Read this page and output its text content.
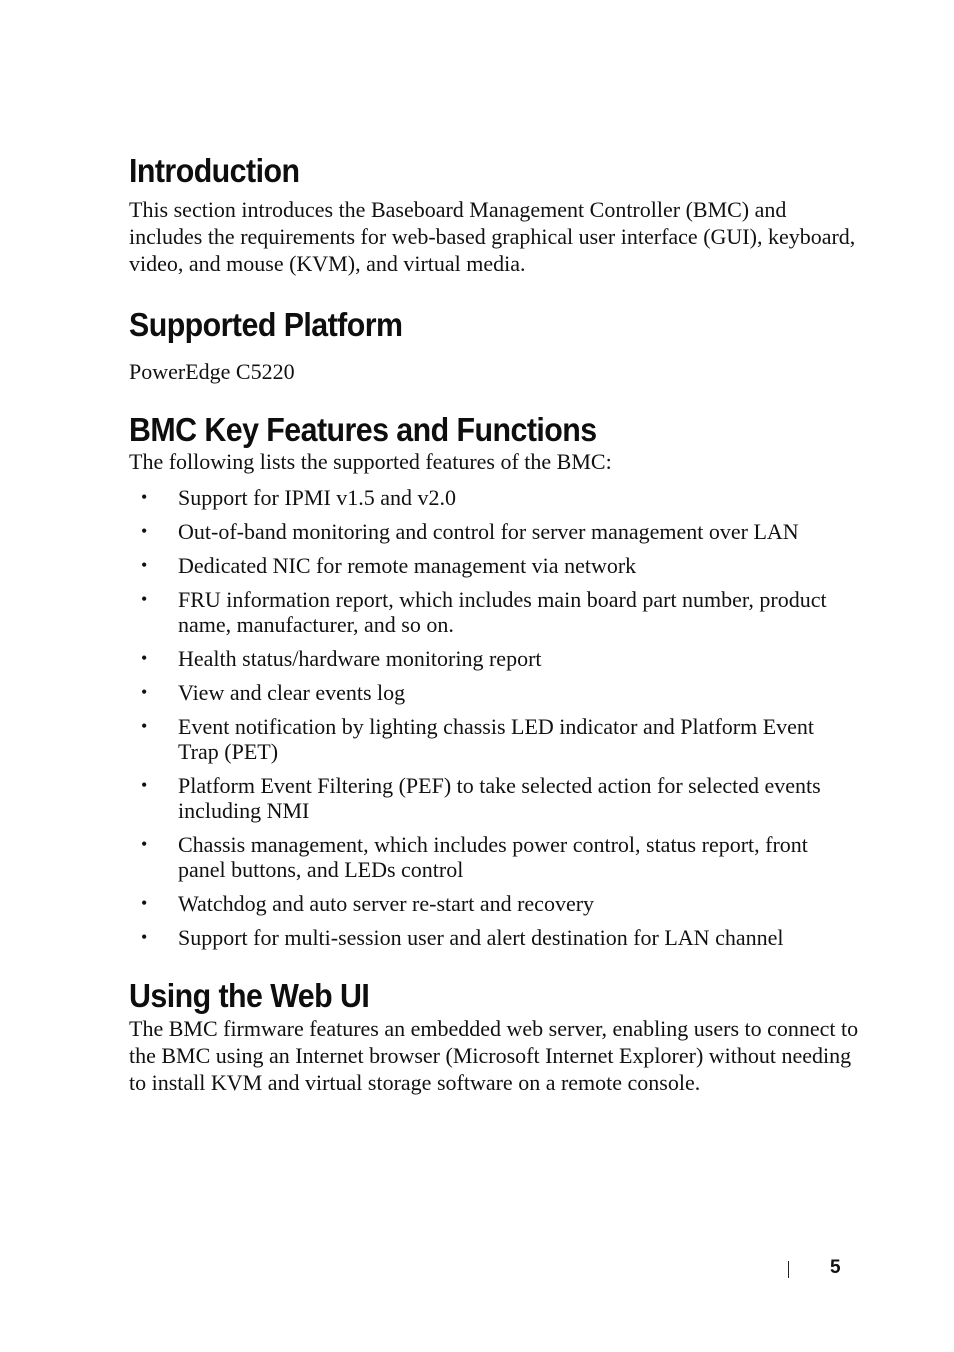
Introduction

This section introduces the Baseboard Management Controller (BMC) and includes the requirements for web-based graphical user interface (GUI), keyboard, video, and mouse (KVM), and virtual media.

Supported Platform

PowerEdge C5220

BMC Key Features and Functions

The following lists the supported features of the BMC:

• Support for IPMI v1.5 and v2.0
• Out-of-band monitoring and control for server management over LAN
• Dedicated NIC for remote management via network
• FRU information report, which includes main board part number, product name, manufacturer, and so on.
• Health status/hardware monitoring report
• View and clear events log
• Event notification by lighting chassis LED indicator and Platform Event Trap (PET)
• Platform Event Filtering (PEF) to take selected action for selected events including NMI
• Chassis management, which includes power control, status report, front panel buttons, and LEDs control
• Watchdog and auto server re-start and recovery
• Support for multi-session user and alert destination for LAN channel
Using the Web UI

The BMC firmware features an embedded web server, enabling users to connect to the BMC using an Internet browser (Microsoft Internet Explorer) without needing to install KVM and virtual storage software on a remote console.

5
